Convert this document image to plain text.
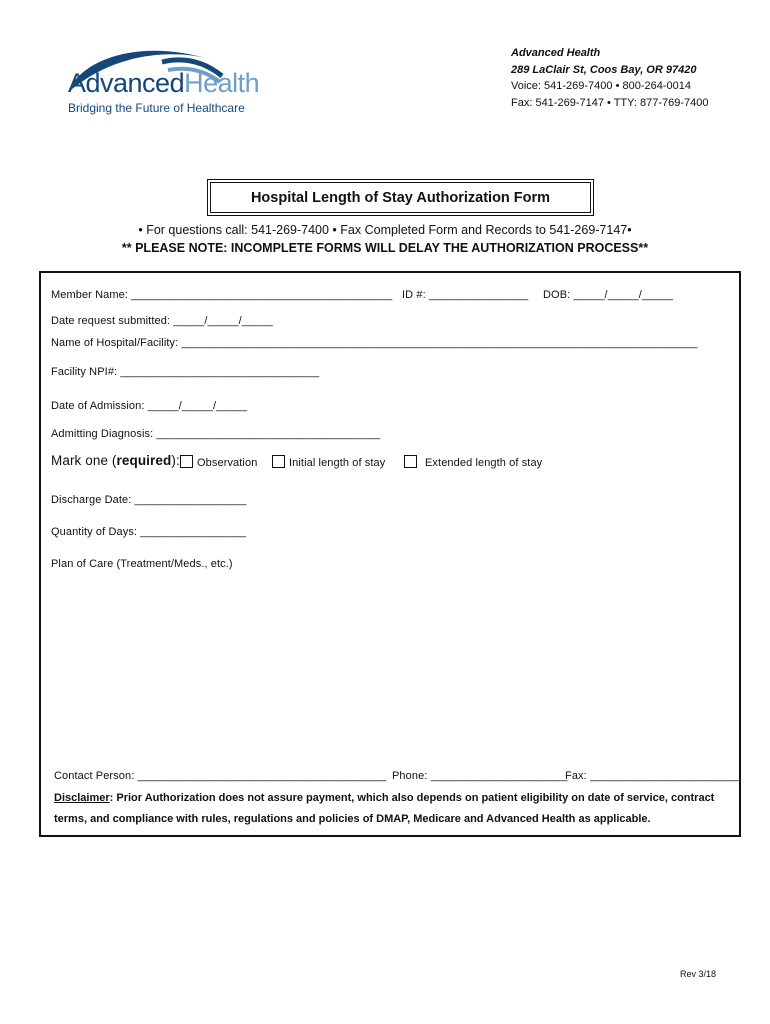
AdvancedHealth
Bridging the Future of Healthcare
Advanced Health
289 LaClair St, Coos Bay, OR 97420
Voice: 541-269-7400 • 800-264-0014
Fax: 541-269-7147 • TTY: 877-769-7400
Hospital Length of Stay Authorization Form
• For questions call: 541-269-7400 • Fax Completed Form and Records to 541-269-7147•
** PLEASE NOTE: INCOMPLETE FORMS WILL DELAY THE AUTHORIZATION PROCESS**
Member Name: __________________________________________ ID #: ________________ DOB: _____/_____/_____
Date request submitted: _____/_____/_____
Name of Hospital/Facility: ___________________________________________________________________________________
Facility NPI#: ________________________________
Date of Admission: _____/_____/_____
Admitting Diagnosis: ____________________________________
Mark one (required):	Observation	Initial length of stay	Extended length of stay
Discharge Date: __________________
Quantity of Days: _________________
Plan of Care (Treatment/Meds., etc.)
Contact Person: ________________________________________ Phone: ______________________
Fax: ________________________
Disclaimer: Prior Authorization does not assure payment, which also depends on patient eligibility on date of service, contract
terms, and compliance with rules, regulations and policies of DMAP, Medicare and Advanced Health as applicable.
Rev 3/18
